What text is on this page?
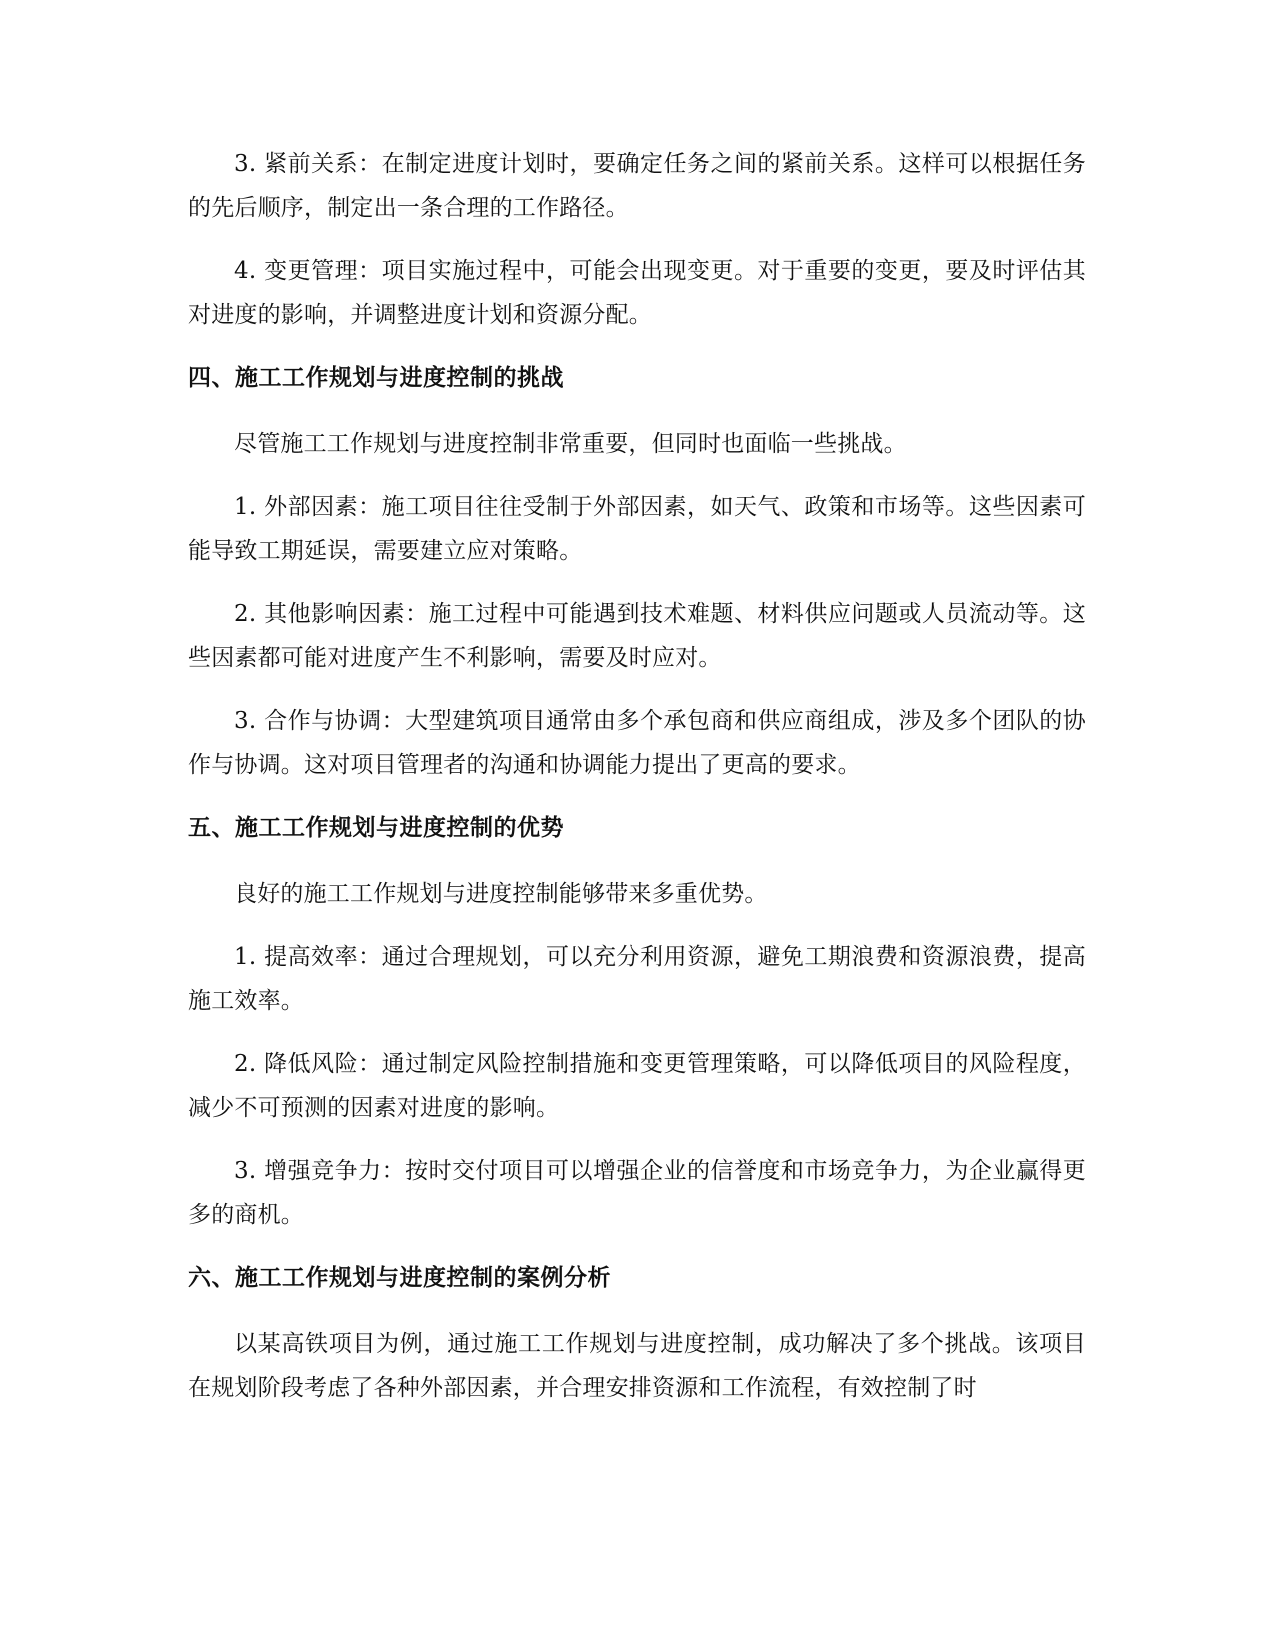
3. 紧前关系：在制定进度计划时，要确定任务之间的紧前关系。这样可以根据任务的先后顺序，制定出一条合理的工作路径。

4. 变更管理：项目实施过程中，可能会出现变更。对于重要的变更，要及时评估其对进度的影响，并调整进度计划和资源分配。

四、施工工作规划与进度控制的挑战

尽管施工工作规划与进度控制非常重要，但同时也面临一些挑战。

1. 外部因素：施工项目往往受制于外部因素，如天气、政策和市场等。这些因素可能导致工期延误，需要建立应对策略。

2. 其他影响因素：施工过程中可能遇到技术难题、材料供应问题或人员流动等。这些因素都可能对进度产生不利影响，需要及时应对。

3. 合作与协调：大型建筑项目通常由多个承包商和供应商组成，涉及多个团队的协作与协调。这对项目管理者的沟通和协调能力提出了更高的要求。

五、施工工作规划与进度控制的优势

良好的施工工作规划与进度控制能够带来多重优势。

1. 提高效率：通过合理规划，可以充分利用资源，避免工期浪费和资源浪费，提高施工效率。

2. 降低风险：通过制定风险控制措施和变更管理策略，可以降低项目的风险程度，减少不可预测的因素对进度的影响。

3. 增强竞争力：按时交付项目可以增强企业的信誉度和市场竞争力，为企业赢得更多的商机。

六、施工工作规划与进度控制的案例分析

以某高铁项目为例，通过施工工作规划与进度控制，成功解决了多个挑战。该项目在规划阶段考虑了各种外部因素，并合理安排资源和工作流程，有效控制了时
